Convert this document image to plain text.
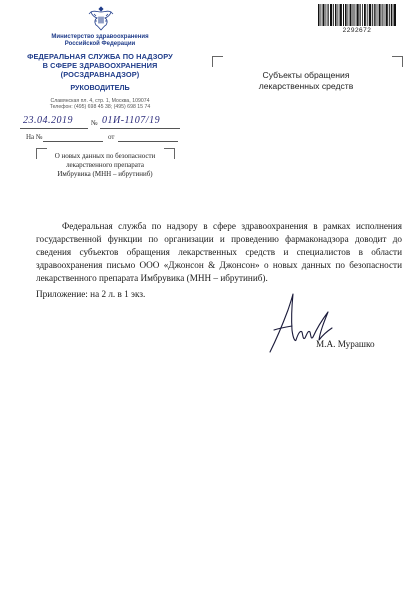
2292672
Министерство здравоохранения
Российской Федерации
ФЕДЕРАЛЬНАЯ СЛУЖБА ПО НАДЗОРУ
В СФЕРЕ ЗДРАВООХРАНЕНИЯ
(РОСЗДРАВНАДЗОР)
РУКОВОДИТЕЛЬ
Славянская пл. 4, стр. 1, Москва, 109074
Телефон: (495) 698 45 38; (495) 698 15 74
23.04.2019	№ 01И-1107/19
На №	от
О новых данных по безопасности
лекарственного препарата
Имбрувика (МНН – ибрутиниб)
Субъекты обращения
лекарственных средств
Федеральная служба по надзору в сфере здравоохранения в рамках исполнения государственной функции по организации и проведению фармаконадзора доводит до сведения субъектов обращения лекарственных средств и специалистов в области здравоохранения письмо ООО «Джонсон & Джонсон» о новых данных по безопасности лекарственного препарата Имбрувика (МНН – ибрутиниб).
Приложение: на 2 л. в 1 экз.
М.А. Мурашко
